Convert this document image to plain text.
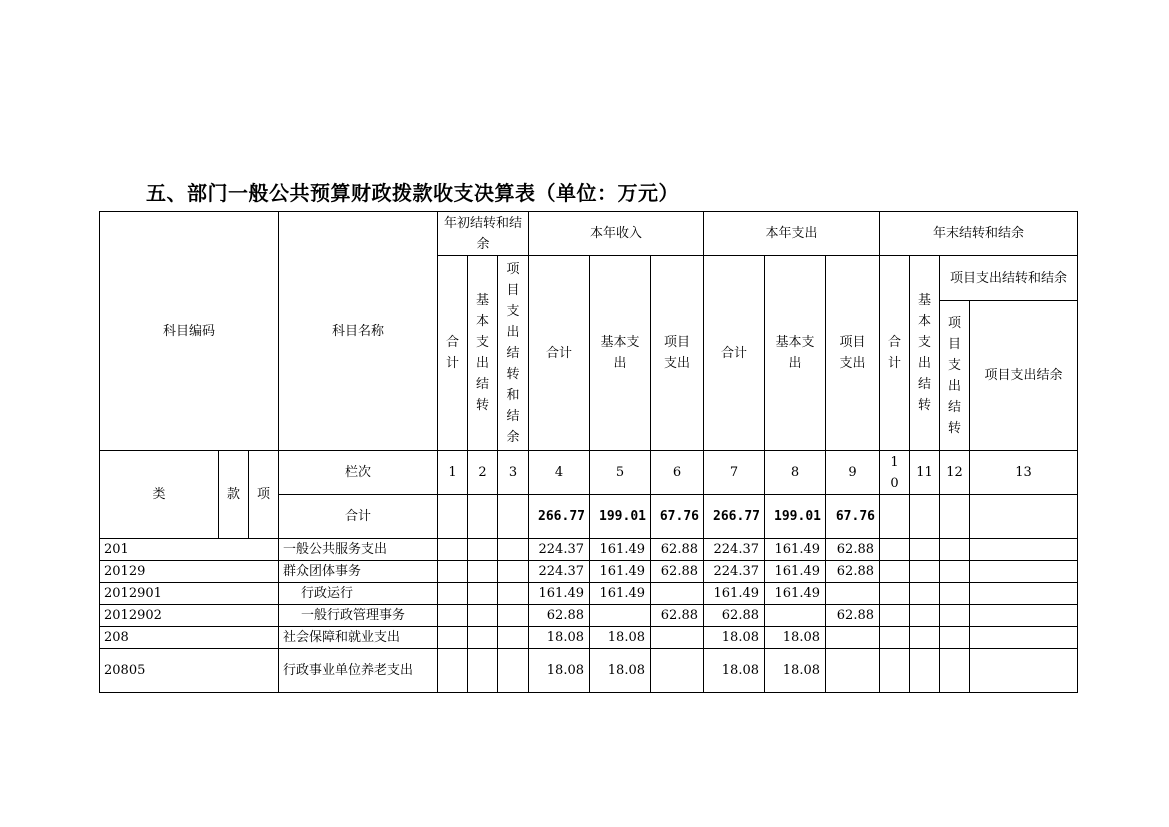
五、部门一般公共预算财政拨款收支决算表（单位：万元）
科目编码			科目名称	年初结转和结余			本年收入			本年支出			年末结转和结余			
				合计	基本支出结转	项目支出结转和结余	合计	基本支出	项目支出	合计	基本支出	项目支出	合计	基本支出结转	项目支出结转和结余	

															项目支出结转	项目支出结余
类	款	项	栏次	1	2	3	4	5	6	7	8	9	10	11	12	13
			合计				266.77	199.01	67.76	266.77	199.01	67.76				
201			一般公共服务支出				224.37	161.49	62.88	224.37	161.49	62.88				
20129			群众团体事务				224.37	161.49	62.88	224.37	161.49	62.88				
2012901			行政运行				161.49	161.49		161.49	161.49					
2012902			一般行政管理事务				62.88		62.88	62.88		62.88				
208			社会保障和就业支出				18.08	18.08		18.08	18.08					
20805			行政事业单位养老支出				18.08	18.08		18.08	18.08					
